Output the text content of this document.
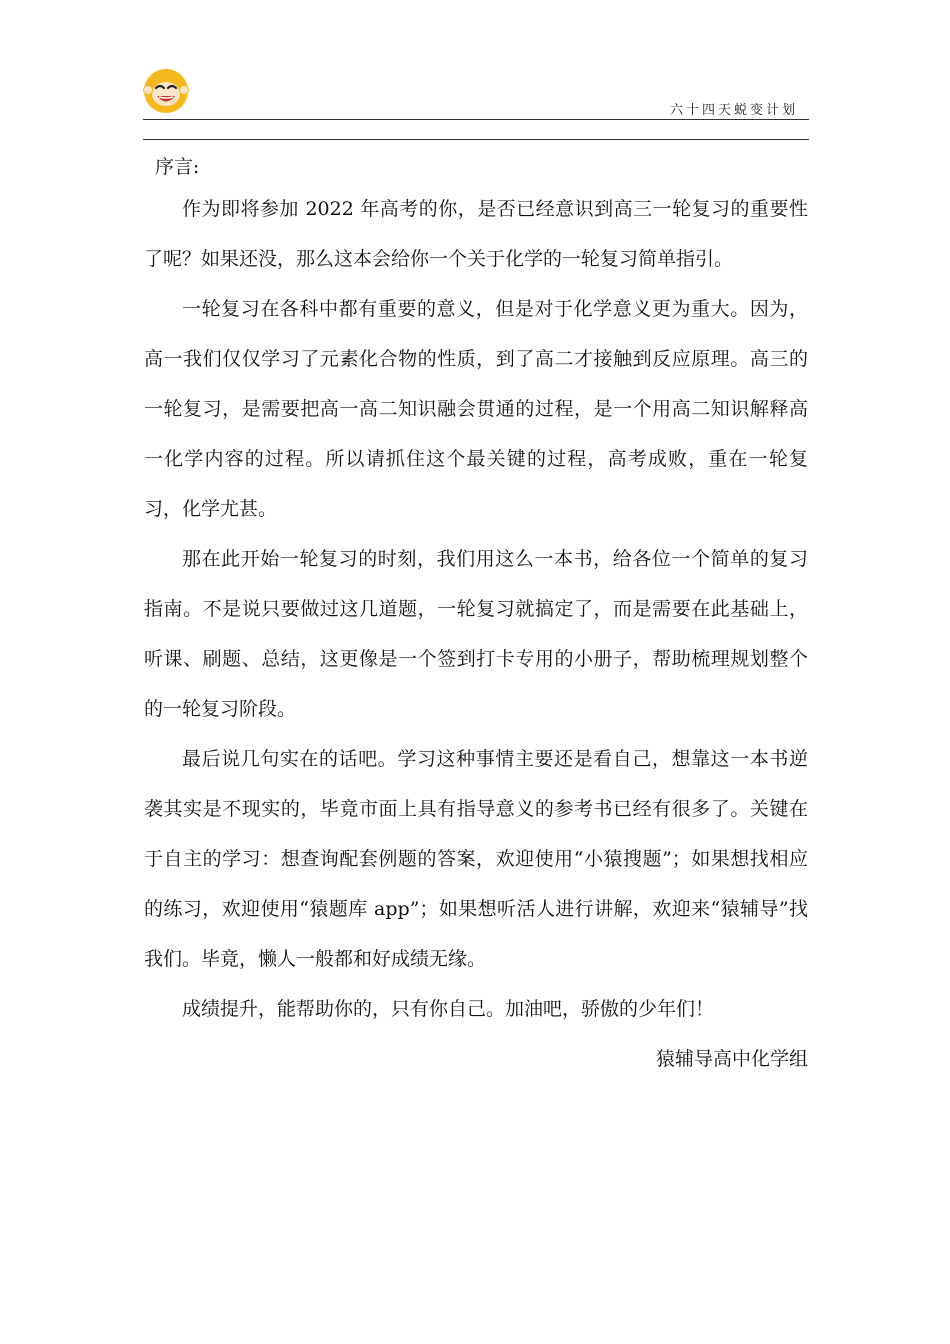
六十四天蜕变计划
序言:

作为即将参加 2022 年高考的你，是否已经意识到高三一轮复习的重要性了呢？如果还没，那么这本会给你一个关于化学的一轮复习简单指引。

一轮复习在各科中都有重要的意义，但是对于化学意义更为重大。因为，高一我们仅仅学习了元素化合物的性质，到了高二才接触到反应原理。高三的一轮复习，是需要把高一高二知识融会贯通的过程，是一个用高二知识解释高一化学内容的过程。所以请抓住这个最关键的过程，高考成败，重在一轮复习，化学尤甚。

那在此开始一轮复习的时刻，我们用这么一本书，给各位一个简单的复习指南。不是说只要做过这几道题，一轮复习就搞定了，而是需要在此基础上，听课、刷题、总结，这更像是一个签到打卡专用的小册子，帮助梳理规划整个的一轮复习阶段。

最后说几句实在的话吧。学习这种事情主要还是看自己，想靠这一本书逆袭其实是不现实的，毕竟市面上具有指导意义的参考书已经有很多了。关键在于自主的学习：想查询配套例题的答案，欢迎使用“小猿搜题”；如果想找相应的练习，欢迎使用“猿题库 app”；如果想听活人进行讲解，欢迎来“猿辅导”找我们。毕竟，懒人一般都和好成绩无缘。

成绩提升，能帮助你的，只有你自己。加油吧，骄傲的少年们！

猿辅导高中化学组
